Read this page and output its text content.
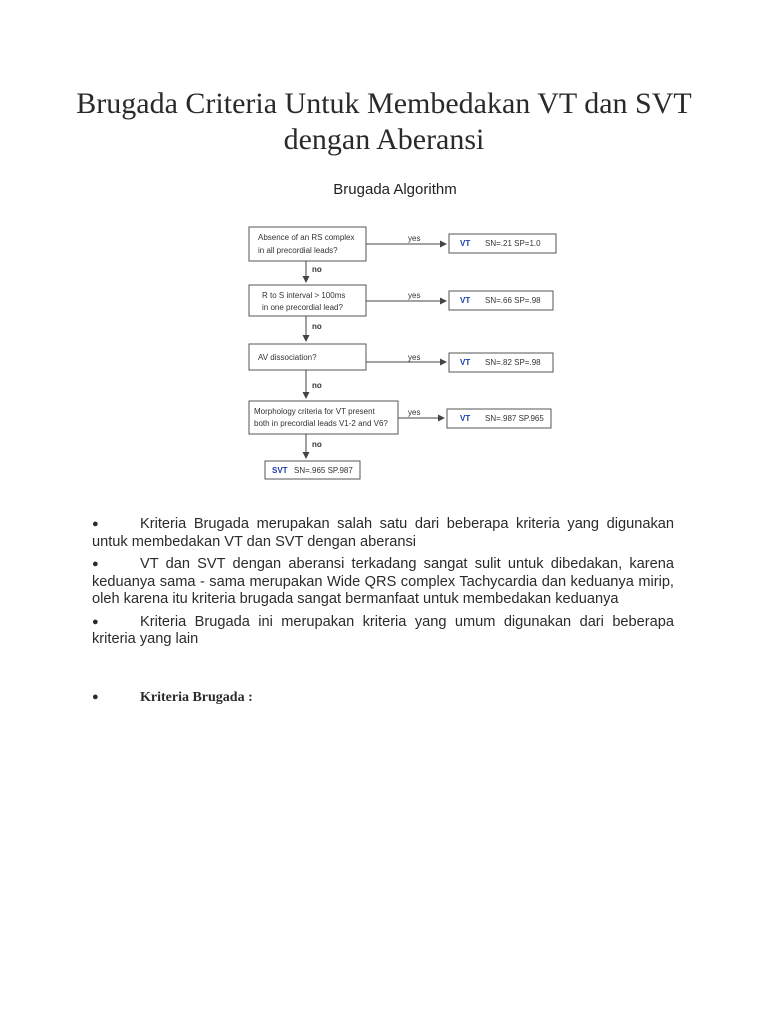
Brugada Criteria Untuk Membedakan VT dan SVT dengan Aberansi
Brugada Algorithm
Absence of an RS complex
in all precordial leads?
yes
VT SN=.21 SP=1.0
no
R to S interval > 100ms
in one precordial lead?
yes
VT SN=.66 SP=.98
no
AV dissociation?	yes
VT SN=.82 SP=.98
no
Morphology criteria for VT present
both in precordial leads V1-2 and V6?
yes
VT SN=.987 SP.965
no
SVT SN=.965 SP.987
●	Kriteria Brugada merupakan salah satu dari beberapa kriteria yang digunakan untuk membedakan VT dan SVT dengan aberansi
●	VT dan SVT dengan aberansi terkadang sangat sulit untuk dibedakan, karena keduanya sama - sama merupakan Wide QRS complex Tachycardia dan keduanya mirip, oleh karena itu kriteria brugada sangat bermanfaat untuk membedakan keduanya
●	Kriteria Brugada ini merupakan kriteria yang umum digunakan dari beberapa kriteria yang lain
●	Kriteria Brugada :
